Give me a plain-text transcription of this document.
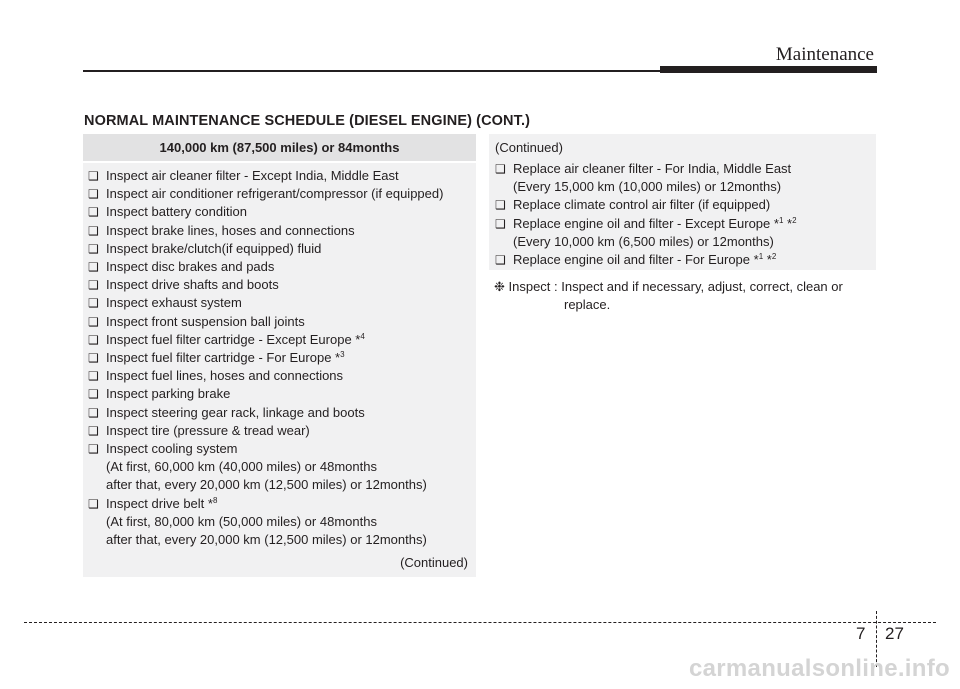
Maintenance
NORMAL MAINTENANCE SCHEDULE (DIESEL ENGINE) (CONT.)
140,000 km (87,500 miles) or 84months
❑ Inspect air cleaner filter - Except India, Middle East
❑ Inspect air conditioner refrigerant/compressor (if equipped)
❑ Inspect battery condition
❑ Inspect brake lines, hoses and connections
❑ Inspect brake/clutch(if equipped) fluid
❑ Inspect disc brakes and pads
❑ Inspect drive shafts and boots
❑ Inspect exhaust system
❑ Inspect front suspension ball joints
❑ Inspect fuel filter cartridge - Except Europe *$^4$
❑ Inspect fuel filter cartridge - For Europe *$^3$
❑ Inspect fuel lines, hoses and connections
❑ Inspect parking brake
❑ Inspect steering gear rack, linkage and boots
❑ Inspect tire (pressure & tread wear)
❑ Inspect cooling system
(At first, 60,000 km (40,000 miles) or 48months
after that, every 20,000 km (12,500 miles) or 12months)
❑ Inspect drive belt *$^8$
(At first, 80,000 km (50,000 miles) or 48months
after that, every 20,000 km (12,500 miles) or 12months)
(Continued)
(Continued)
❑ Replace air cleaner filter - For India, Middle East
(Every 15,000 km (10,000 miles) or 12months)
❑ Replace climate control air filter (if equipped)
❑ Replace engine oil and filter - Except Europe *$^1$ *$^2$
(Every 10,000 km (6,500 miles) or 12months)
❑ Replace engine oil and filter - For Europe *$^1$ *$^2$
❉ Inspect : Inspect and if necessary, adjust, correct, clean or
replace.
7 27
carmanualsonline.info
